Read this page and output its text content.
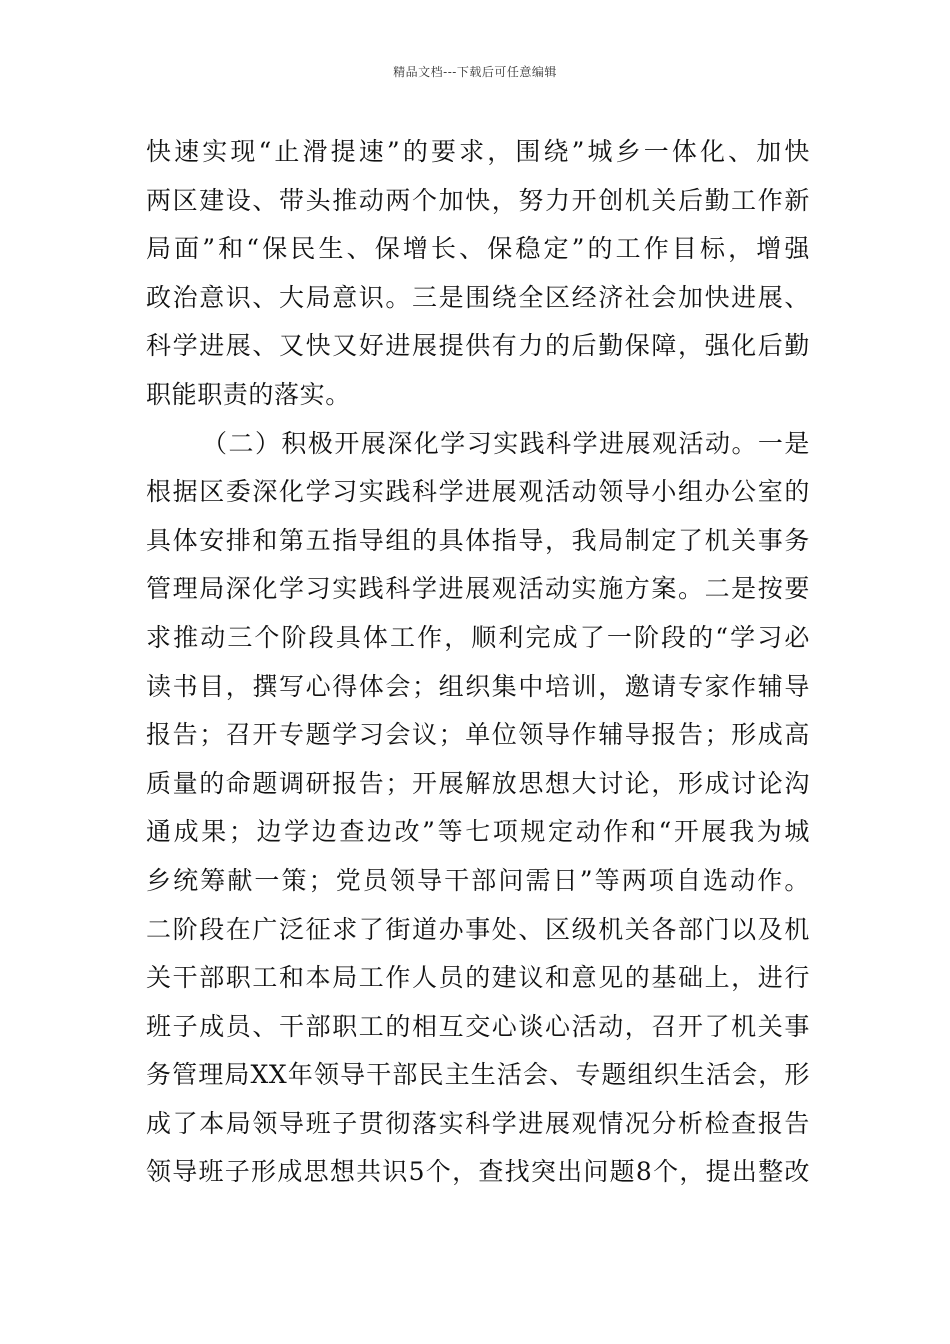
精品文档---下载后可任意编辑
快速实现“止滑提速”的要求，围绕”城乡一体化、加快
两区建设、带头推动两个加快，努力开创机关后勤工作新
局面”和“保民生、保增长、保稳定”的工作目标，增强
政治意识、大局意识。三是围绕全区经济社会加快进展、
科学进展、又快又好进展提供有力的后勤保障，强化后勤
职能职责的落实。
（二）积极开展深化学习实践科学进展观活动。一是
根据区委深化学习实践科学进展观活动领导小组办公室的
具体安排和第五指导组的具体指导，我局制定了机关事务
管理局深化学习实践科学进展观活动实施方案。二是按要
求推动三个阶段具体工作，顺利完成了一阶段的“学习必
读书目，撰写心得体会；组织集中培训，邀请专家作辅导
报告；召开专题学习会议；单位领导作辅导报告；形成高
质量的命题调研报告；开展解放思想大讨论，形成讨论沟
通成果；边学边查边改”等七项规定动作和“开展我为城
乡统筹献一策；党员领导干部问需日”等两项自选动作。
二阶段在广泛征求了街道办事处、区级机关各部门以及机
关干部职工和本局工作人员的建议和意见的基础上，进行
班子成员、干部职工的相互交心谈心活动，召开了机关事
务管理局XX年领导干部民主生活会、专题组织生活会，形
成了本局领导班子贯彻落实科学进展观情况分析检查报告
领导班子形成思想共识5个，查找突出问题8个，提出整改
